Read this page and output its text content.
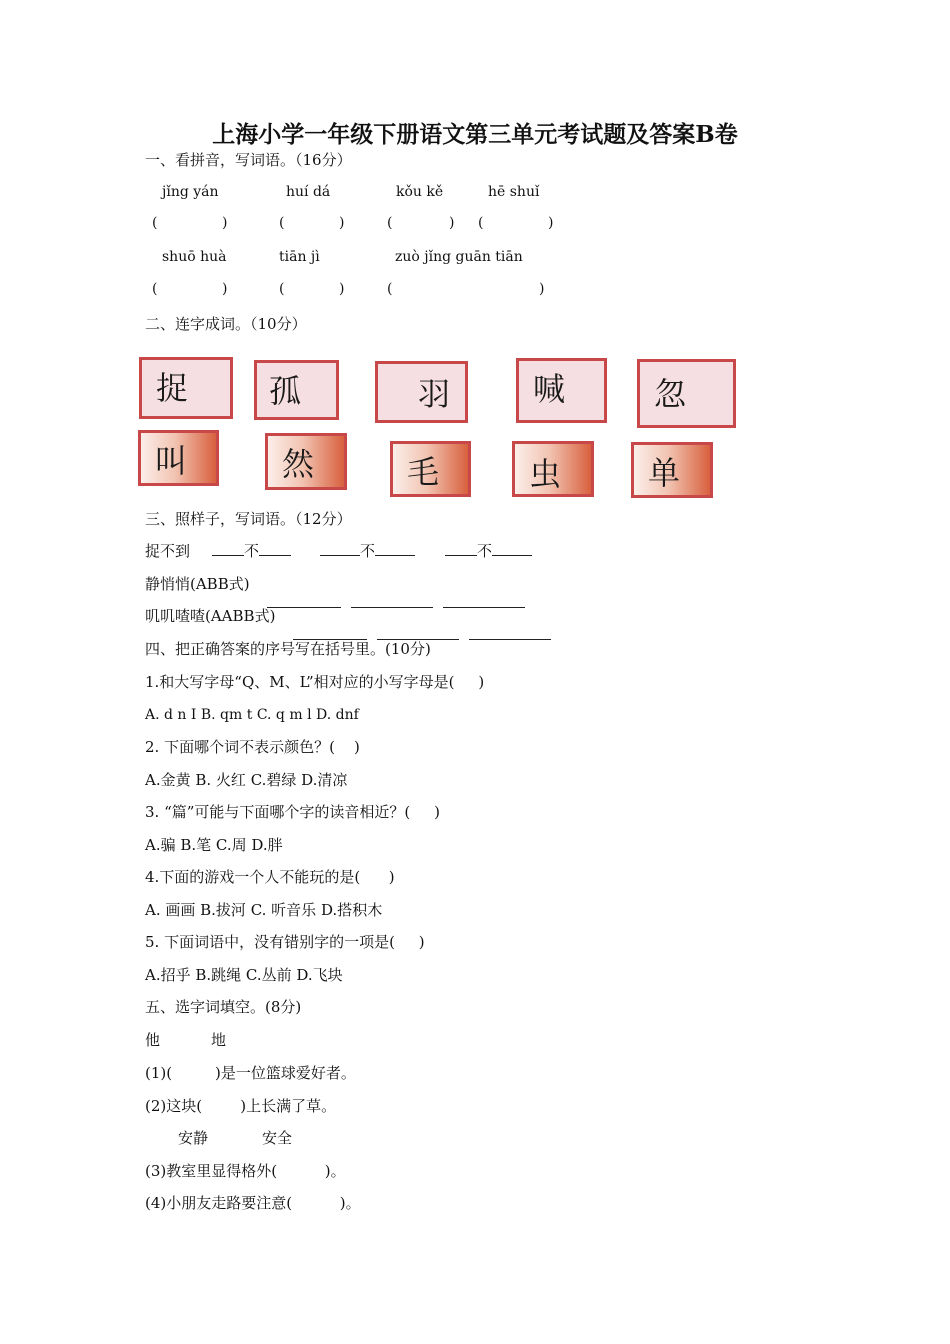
上海小学一年级下册语文第三单元考试题及答案B卷
一、看拼音，写词语。（16分）
jǐng yán	huí dá	kǒu kě	hē shuǐ
(	)	(	)	(	) (	)
shuō huà	tiān jì	zuò jǐng guān tiān
(	)	(	)	(	)
二、连字成词。（10分）
捉	孤	羽	喊	忽
叫	然	毛	虫	单
三、照样子，写词语。（12分）
捉不到	不	不	不
静悄悄(ABB式)

叽叽喳喳(AABB式)

四、把正确答案的序号写在括号里。(10分)
1.和大写字母“Q、M、L”相对应的小写字母是(     )
A. d n I B. qm t C. q m l D. dnf
2. 下面哪个词不表示颜色？(    )
A.金黄 B. 火红 C.碧绿 D.清凉
3. “篇”可能与下面哪个字的读音相近？(     )
A.骗 B.笔 C.周 D.胖
4.下面的游戏一个人不能玩的是(      )
A. 画画 B.拔河 C. 听音乐 D.搭积木
5. 下面词语中，没有错别字的一项是(     )
A.招乎 B.跳绳 C.丛前 D.飞块
五、选字词填空。(8分)
他	地
(1)(         )是一位篮球爱好者。
(2)这块(        )上长满了草。
安静	安全
(3)教室里显得格外(          )。
(4)小朋友走路要注意(          )。
